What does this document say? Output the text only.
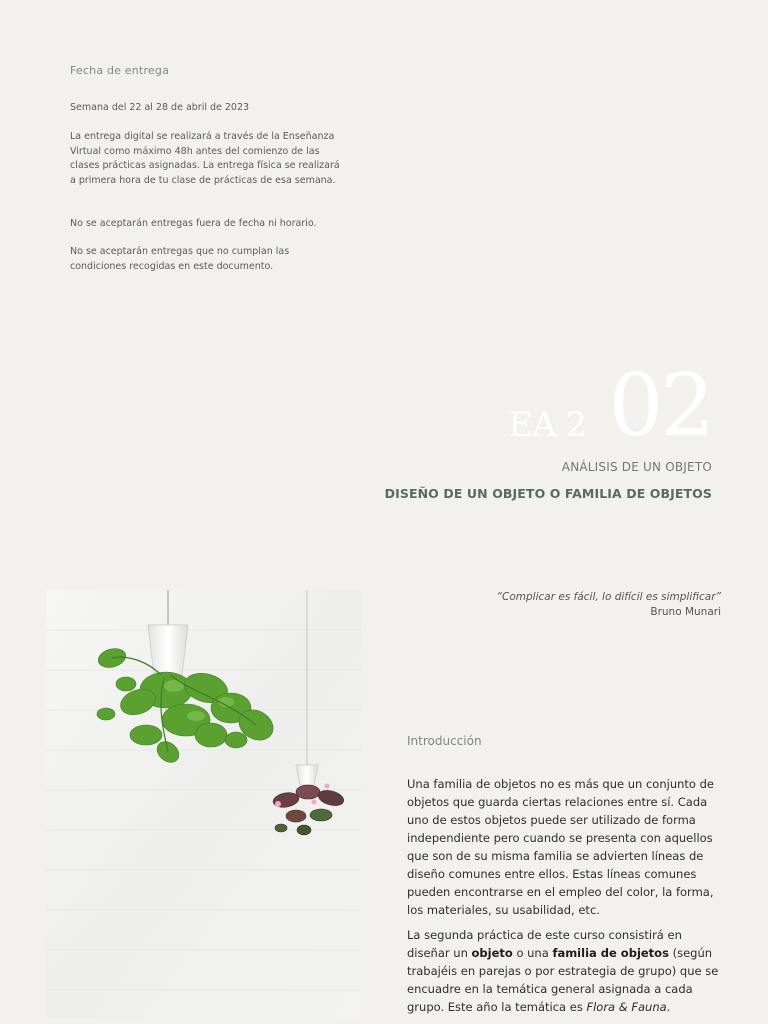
Fecha de entrega

Semana del 22 al 28 de abril de 2023

La entrega digital se realizará a través de la Enseñanza Virtual como máximo 48h antes del comienzo de las clases prácticas asignadas. La entrega física se realizará a primera hora de tu clase de prácticas de esa semana.

No se aceptarán entregas fuera de fecha ni horario.

No se aceptarán entregas que no cumplan las condiciones recogidas en este documento.

EA 2 02
ANÁLISIS DE UN OBJETO
DISEÑO DE UN OBJETO O FAMILIA DE OBJETOS
“Complicar es fácil, lo difícil es simplificar”
Bruno Munari
Introducción

Una familia de objetos no es más que un conjunto de objetos que guarda ciertas relaciones entre sí. Cada uno de estos objetos puede ser utilizado de forma independiente pero cuando se presenta con aquellos que son de su misma familia se advierten líneas de diseño comunes entre ellos. Estas líneas comunes pueden encontrarse en el empleo del color, la forma, los materiales, su usabilidad, etc.

La segunda práctica de este curso consistirá en diseñar un objeto o una familia de objetos (según trabajéis en parejas o por estrategia de grupo) que se encuadre en la temática general asignada a cada grupo. Este año la temática es Flora & Fauna.
